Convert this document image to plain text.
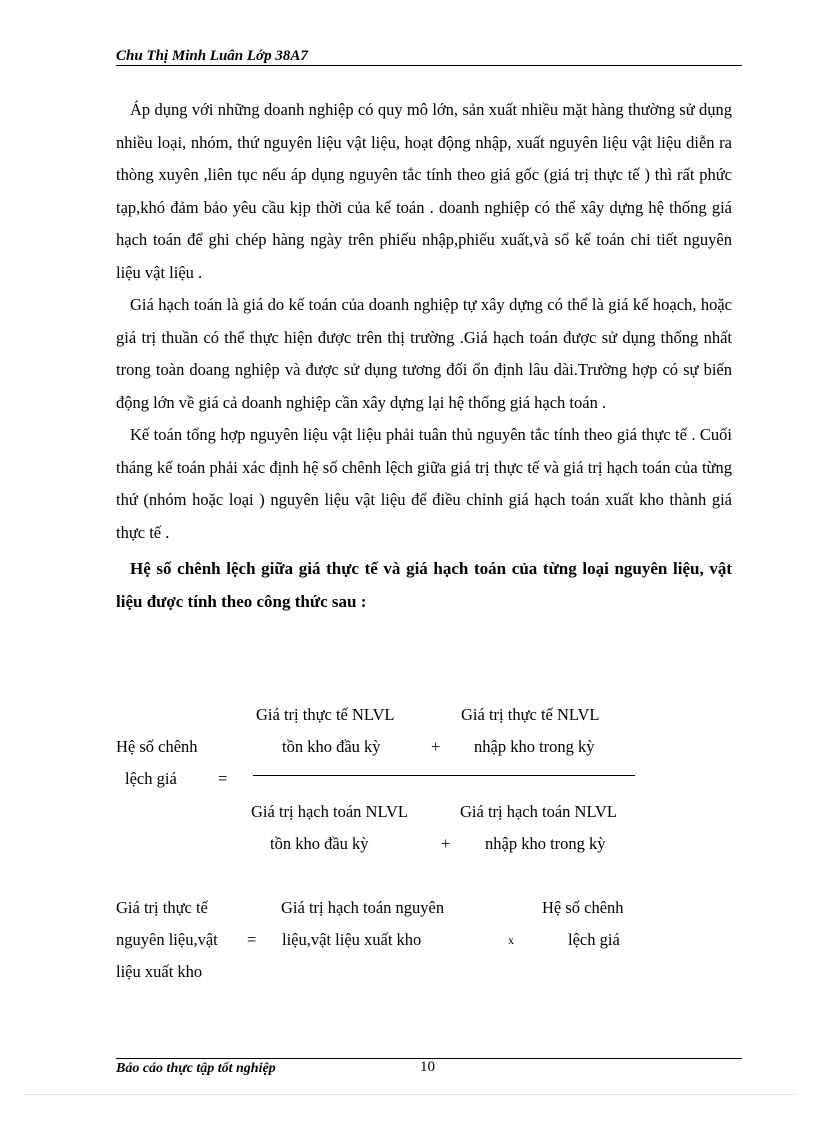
Chu Thị Minh Luân Lớp 38A7

Áp dụng với những doanh nghiệp có quy mô lớn, sản xuất nhiều mặt hàng thường sử dụng nhiều loại, nhóm, thứ nguyên liệu vật liệu, hoạt động nhập, xuất nguyên liệu vật liệu diễn ra thòng xuyên ,liên tục nếu áp dụng nguyên tắc tính theo giá gốc (giá trị thực tế ) thì rất phức tạp,khó đảm bảo yêu cầu kịp thời của kế toán . doanh nghiệp có thể xây dựng hệ thống giá hạch toán để ghi chép hàng ngày trên phiếu nhập,phiếu xuất,và sổ kế toán chi tiết nguyên liệu vật liệu .

Giá hạch toán là giá do kế toán của doanh nghiệp tự xây dựng có thể là giá kế hoạch, hoặc giá trị thuần có thể thực hiện được trên thị trường .Giá hạch toán được sử dụng thống nhất trong toàn doang nghiệp và được sử dụng tương đối ổn định lâu dài.Trường hợp có sự biến động lớn về giá cả doanh nghiệp cần xây dựng lại hệ thống giá hạch toán .

Kế toán tổng hợp nguyên liệu vật liệu phải tuân thủ nguyên tắc tính theo giá thực tế . Cuối tháng kế toán phải xác định hệ số chênh lệch giữa giá trị thực tế và giá trị hạch toán của từng thứ (nhóm hoặc loại ) nguyên liệu vật liệu để điều chỉnh giá hạch toán xuất kho thành giá thực tế .

Hệ số chênh lệch giữa giá thực tế và giá hạch toán của từng loại nguyên liệu, vật liệu được tính theo công thức sau :

Hệ số chênh
lệch giá =
Giá trị thực tế NLVL
tồn kho đầu kỳ	+
Giá trị thực tế NLVL
nhập kho trong kỳ
Giá trị hạch toán NLVL
tồn kho đầu kỳ	+
Giá trị hạch toán NLVL
nhập kho trong kỳ
Giá trị thực tế
nguyên liệu,vật
liệu xuất kho
=
Giá trị hạch toán nguyên
liệu,vật liệu xuất kho	x
Hệ số chênh
lệch giá
Báo cáo thực tập tốt nghiệp	10
